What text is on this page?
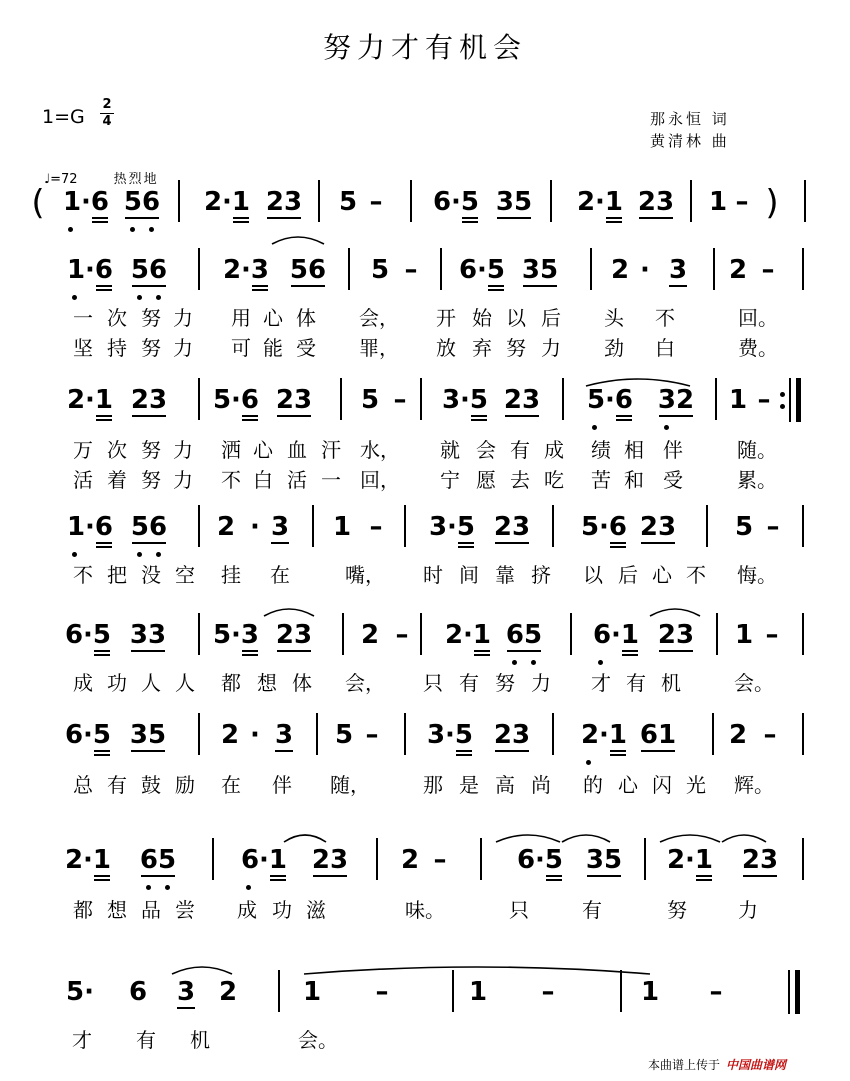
努力才有机会
1=G
2
4	那永恒 词
黄清林 曲
♩=72	热烈地
( 1·6 56 2·1 23 5 – 6·5 35 2·1 23 1 – )
1·6 56 2·3 56 5 – 6·5 35 2 · 3 2 –
一 次 努 力 用 心 体 会， 开 始 以 后 头 不	回。
坚 持 努 力 可 能 受 罪， 放 弃 努 力 劲 白	费。
2·1 23 5·6 23 5 – 3·5 23 5·6 32 1 –
万 次 努 力 洒 心 血 汗 水， 就 会 有 成 绩 相 伴	随。
活 着 努 力 不 白 活 一 回， 宁 愿 去 吃 苦 和 受	累。
1·6 56 2 · 3 1 – 3·5 23 5·6 23 5 –
不 把 没 空 挂 在	嘴， 时 间 靠 挤 以 后 心 不 悔。
6·5 33 5·3 23 2 – 2·1 65 6·1 23 1 –
成 功 人 人 都 想 体 会， 只 有 努 力 才 有 机	会。
6·5 35 2 · 3 5 – 3·5 23 2·1 61 2 –
总 有 鼓 励 在 伴 随，	那 是 高 尚 的 心 闪 光 辉。
2·1 65 6·1 23 2 –	6·5 35 2·1 23
都 想 品 尝 成 功 滋	味。	只	有	努	力
5· 6 3 2	1 –	1 –	1 –
才 有 机	会。
本曲谱上传于 中国曲谱网
